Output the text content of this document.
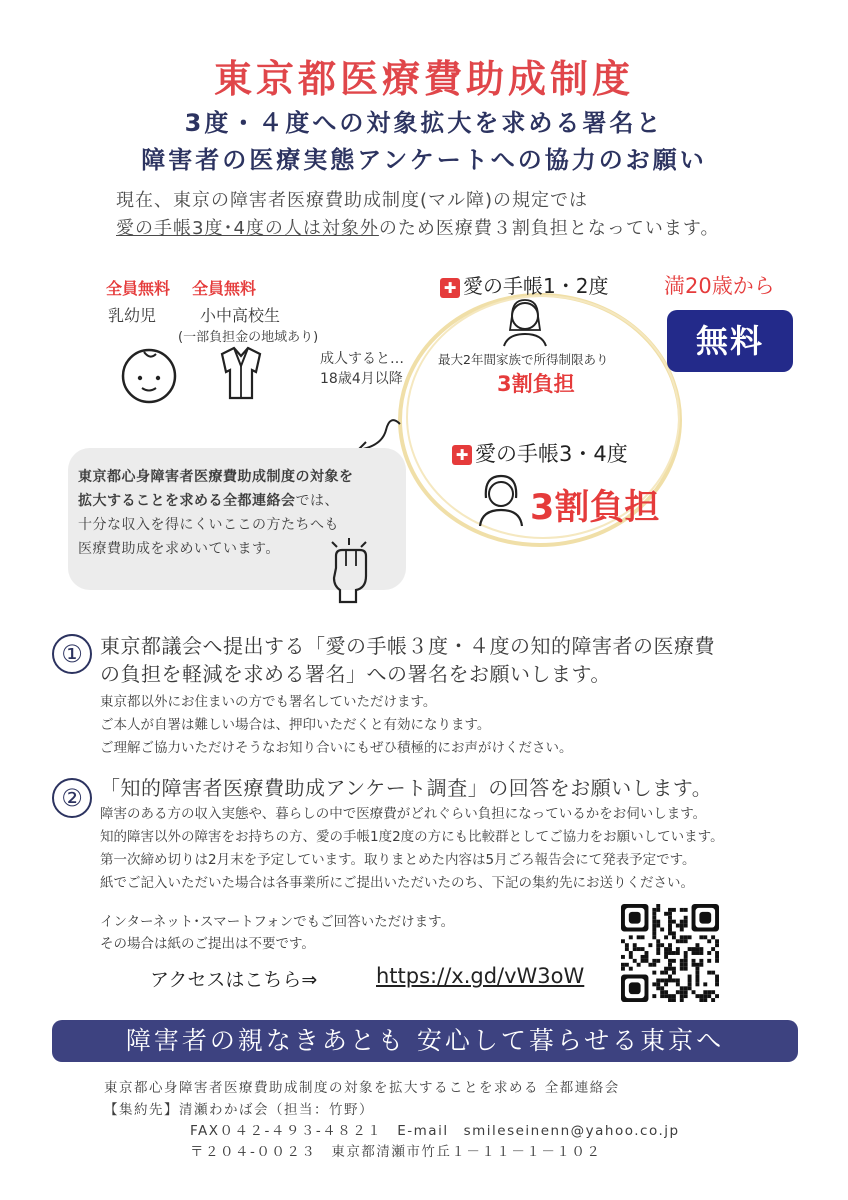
東京都医療費助成制度
3度・４度への対象拡大を求める署名と
障害者の医療実態アンケートへの協力のお願い
現在、東京の障害者医療費助成制度(マル障)の規定では
愛の手帳3度･4度の人は対象外のため医療費３割負担となっています。
全員無料 全員無料
乳幼児	小中高校生
(一部負担金の地域あり)
成人すると…
18歳4月以降
✚ 愛の手帳1・2度	満20歳から
無料
最大2年間家族で所得制限あり
3割負担
✚ 愛の手帳3・4度
3割負担
東京都心身障害者医療費助成制度の対象を
拡大することを求める全都連絡会では、
十分な収入を得にくいここの方たちへも
医療費助成を求めいています。
① 東京都議会へ提出する「愛の手帳３度・４度の知的障害者の医療費
の負担を軽減を求める署名」への署名をお願いします。
東京都以外にお住まいの方でも署名していただけます。
ご本人が自署は難しい場合は、押印いただくと有効になります。
ご理解ご協力いただけそうなお知り合いにもぜひ積極的にお声がけください。
② 「知的障害者医療費助成アンケート調査」の回答をお願いします。
障害のある方の収入実態や、暮らしの中で医療費がどれぐらい負担になっているかをお伺いします。
知的障害以外の障害をお持ちの方、愛の手帳1度2度の方にも比較群としてご協力をお願いしています。
第一次締め切りは2月末を予定しています。取りまとめた内容は5月ごろ報告会にて発表予定です。
紙でご記入いただいた場合は各事業所にご提出いただいたのち、下記の集約先にお送りください。
インターネット･スマートフォンでもご回答いただけます。
その場合は紙のご提出は不要です。
アクセスはこちら⇒	https://x.gd/vW3oW
障害者の親なきあとも 安心して暮らせる東京へ
東京都心身障害者医療費助成制度の対象を拡大することを求める 全都連絡会
【集約先】清瀬わかば会（担当：竹野）
FAX０４２-４９３-４８２１　E-mail　smileseinenn@yahoo.co.jp
〒２０４-００２３　東京都清瀬市竹丘１－１１－１－１０２
